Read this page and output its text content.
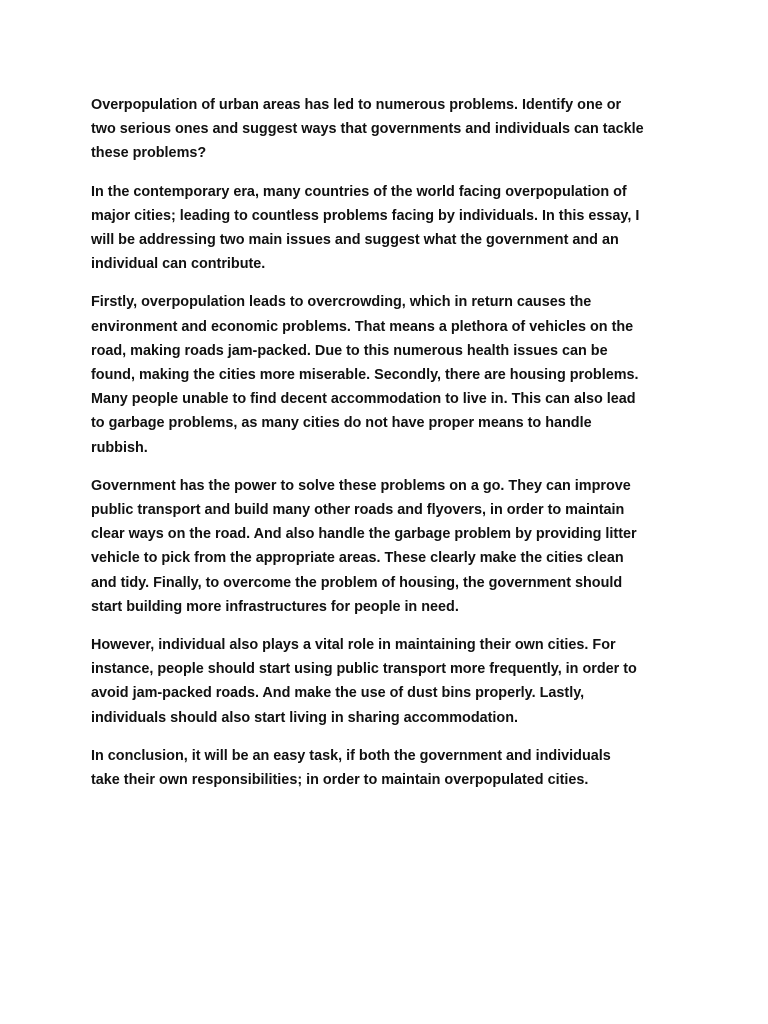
Overpopulation of urban areas has led to numerous problems. Identify one or
two serious ones and suggest ways that governments and individuals can tackle
these problems?

In the contemporary era, many countries of the world facing overpopulation of
major cities; leading to countless problems facing by individuals. In this essay, I
will be addressing two main issues and suggest what the government and an
individual can contribute.

Firstly, overpopulation leads to overcrowding, which in return causes the
environment and economic problems. That means a plethora of vehicles on the
road, making roads jam-packed. Due to this numerous health issues can be
found, making the cities more miserable. Secondly, there are housing problems.
Many people unable to find decent accommodation to live in. This can also lead
to garbage problems, as many cities do not have proper means to handle
rubbish.

Government has the power to solve these problems on a go. They can improve
public transport and build many other roads and flyovers, in order to maintain
clear ways on the road. And also handle the garbage problem by providing litter
vehicle to pick from the appropriate areas. These clearly make the cities clean
and tidy. Finally, to overcome the problem of housing, the government should
start building more infrastructures for people in need.

However, individual also plays a vital role in maintaining their own cities. For
instance, people should start using public transport more frequently, in order to
avoid jam-packed roads. And make the use of dust bins properly. Lastly,
individuals should also start living in sharing accommodation.

In conclusion, it will be an easy task, if both the government and individuals
take their own responsibilities; in order to maintain overpopulated cities.
